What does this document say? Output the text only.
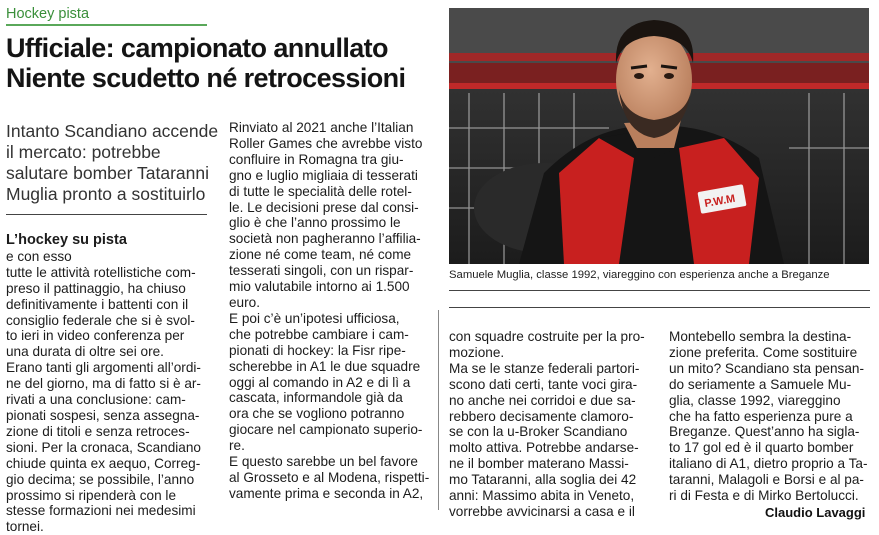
Hockey pista
Ufficiale: campionato annullato
Niente scudetto né retrocessioni
Intanto Scandiano accende
il mercato: potrebbe
salutare bomber Tataranni
Muglia pronto a sostituirlo
L’hockey su pista
e con esso
tutte le attività rotellistiche com-
preso il pattinaggio, ha chiuso
definitivamente i battenti con il
consiglio federale che si è svol-
to ieri in video conferenza per
una durata di oltre sei ore.
Erano tanti gli argomenti all’ordi-
ne del giorno, ma di fatto si è ar-
rivati a una conclusione: cam-
pionati sospesi, senza assegna-
zione di titoli e senza retroces-
sioni. Per la cronaca, Scandiano
chiude quinta ex aequo, Correg-
gio decima; se possibile, l’anno
prossimo si ripenderà con le
stesse formazioni nei medesimi
tornei.
Rinviato al 2021 anche l’Italian
Roller Games che avrebbe visto
confluire in Romagna tra giu-
gno e luglio migliaia di tesserati
di tutte le specialità delle rotel-
le. Le decisioni prese dal consi-
glio è che l’anno prossimo le
società non pagheranno l’affilia-
zione né come team, né come
tesserati singoli, con un rispar-
mio valutabile intorno ai 1.500
euro.
E poi c’è un’ipotesi ufficiosa,
che potrebbe cambiare i cam-
pionati di hockey: la Fisr ripe-
scherebbe in A1 le due squadre
oggi al comando in A2 e di lì a
cascata, informandole già da
ora che se vogliono potranno
giocare nel campionato superio-
re.
E questo sarebbe un bel favore
al Grosseto e al Modena, rispetti-
vamente prima e seconda in A2,
con squadre costruite per la pro-
mozione.
Ma se le stanze federali partori-
scono dati certi, tante voci gira-
no anche nei corridoi e due sa-
rebbero decisamente clamoro-
se con la u-Broker Scandiano
molto attiva. Potrebbe andarse-
ne il bomber materano Massi-
mo Tataranni, alla soglia dei 42
anni: Massimo abita in Veneto,
vorrebbe avvicinarsi a casa e il
Montebello sembra la destina-
zione preferita. Come sostituire
un mito? Scandiano sta pensan-
do seriamente a Samuele Mu-
glia, classe 1992, viareggino
che ha fatto esperienza pure a
Breganze. Quest’anno ha sigla-
to 17 gol ed è il quarto bomber
italiano di A1, dietro proprio a Ta-
taranni, Malagoli e Borsi e al pa-
ri di Festa e di Mirko Bertolucci.
P.W.M
Samuele Muglia, classe 1992, viareggino con esperienza anche a Breganze
Claudio Lavaggi
